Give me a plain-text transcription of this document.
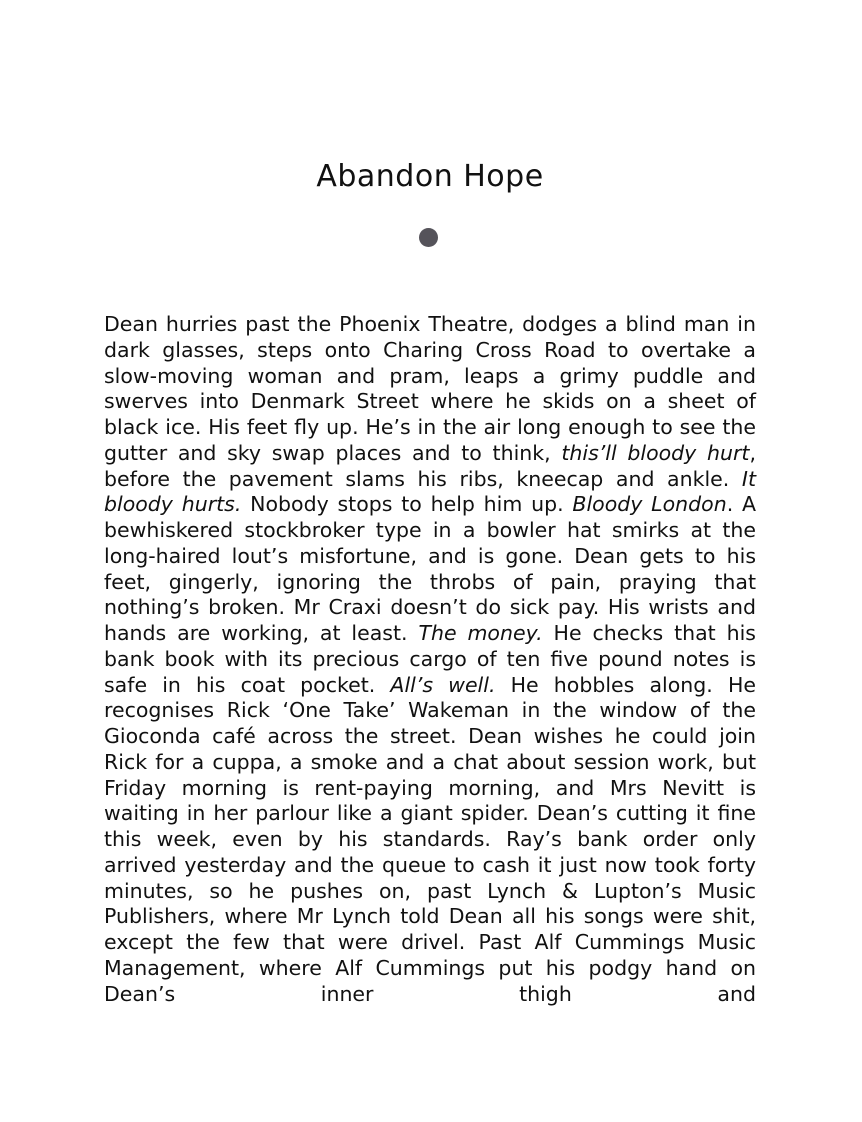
Abandon Hope

Dean hurries past the Phoenix Theatre, dodges a blind man in dark glasses, steps onto Charing Cross Road to overtake a slow-moving woman and pram, leaps a grimy puddle and swerves into Denmark Street where he skids on a sheet of black ice. His feet fly up. He’s in the air long enough to see the gutter and sky swap places and to think, this’ll bloody hurt, before the pavement slams his ribs, kneecap and ankle. It bloody hurts. Nobody stops to help him up. Bloody London. A bewhiskered stockbroker type in a bowler hat smirks at the long-haired lout’s misfortune, and is gone. Dean gets to his feet, gingerly, ignoring the throbs of pain, praying that nothing’s broken. Mr Craxi doesn’t do sick pay. His wrists and hands are working, at least. The money. He checks that his bank book with its precious cargo of ten five pound notes is safe in his coat pocket. All’s well. He hobbles along. He recognises Rick ‘One Take’ Wakeman in the window of the Gioconda café across the street. Dean wishes he could join Rick for a cuppa, a smoke and a chat about session work, but Friday morning is rent-paying morning, and Mrs Nevitt is waiting in her parlour like a giant spider. Dean’s cutting it fine this week, even by his standards. Ray’s bank order only arrived yesterday and the queue to cash it just now took forty minutes, so he pushes on, past Lynch & Lupton’s Music Publishers, where Mr Lynch told Dean all his songs were shit, except the few that were drivel. Past Alf Cummings Music Management, where Alf Cummings put his podgy hand on Dean’s inner thigh and
